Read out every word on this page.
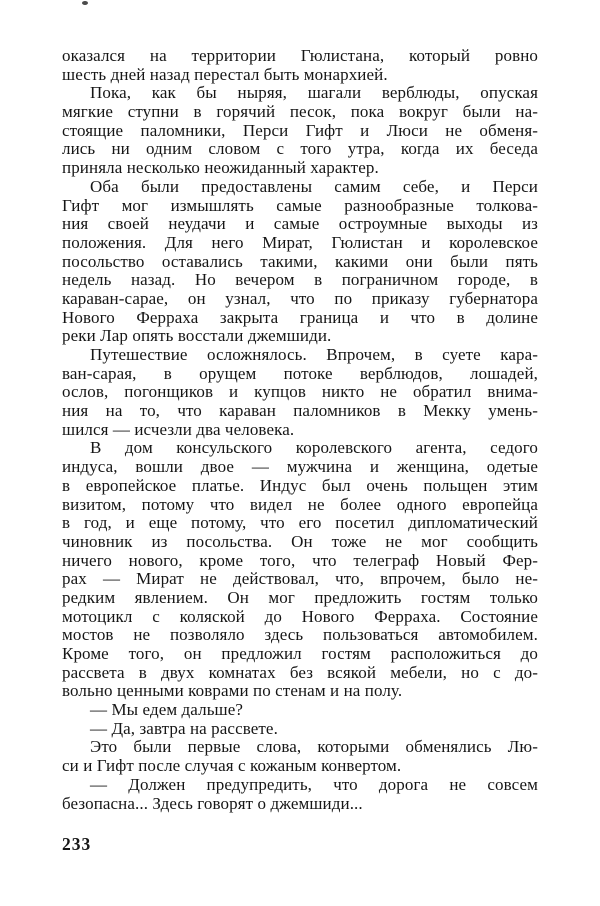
оказался на территории Гюлистана, который ровно
шесть дней назад перестал быть монархией.
Пока, как бы ныряя, шагали верблюды, опуская
мягкие ступни в горячий песок, пока вокруг были на-
стоящие паломники, Перси Гифт и Люси не обменя-
лись ни одним словом с того утра, когда их беседа
приняла несколько неожиданный характер.
Оба были предоставлены самим себе, и Перси
Гифт мог измышлять самые разнообразные толкова-
ния своей неудачи и самые остроумные выходы из
положения. Для него Мират, Гюлистан и королевское
посольство оставались такими, какими они были пять
недель назад. Но вечером в пограничном городе, в
караван-сарае, он узнал, что по приказу губернатора
Нового Ферраха закрыта граница и что в долине
реки Лар опять восстали джемшиди.
Путешествие осложнялось. Впрочем, в суете кара-
ван-сарая, в орущем потоке верблюдов, лошадей,
ослов, погонщиков и купцов никто не обратил внима-
ния на то, что караван паломников в Мекку умень-
шился — исчезли два человека.
В дом консульского королевского агента, седого
индуса, вошли двое — мужчина и женщина, одетые
в европейское платье. Индус был очень польщен этим
визитом, потому что видел не более одного европейца
в год, и еще потому, что его посетил дипломатический
чиновник из посольства. Он тоже не мог сообщить
ничего нового, кроме того, что телеграф Новый Фер-
рах — Мират не действовал, что, впрочем, было не-
редким явлением. Он мог предложить гостям только
мотоцикл с коляской до Нового Ферраха. Состояние
мостов не позволяло здесь пользоваться автомобилем.
Кроме того, он предложил гостям расположиться до
рассвета в двух комнатах без всякой мебели, но с до-
вольно ценными коврами по стенам и на полу.
— Мы едем дальше?
— Да, завтра на рассвете.
Это были первые слова, которыми обменялись Лю-
си и Гифт после случая с кожаным конвертом.
— Должен предупредить, что дорога не совсем
безопасна... Здесь говорят о джемшиди...
233
